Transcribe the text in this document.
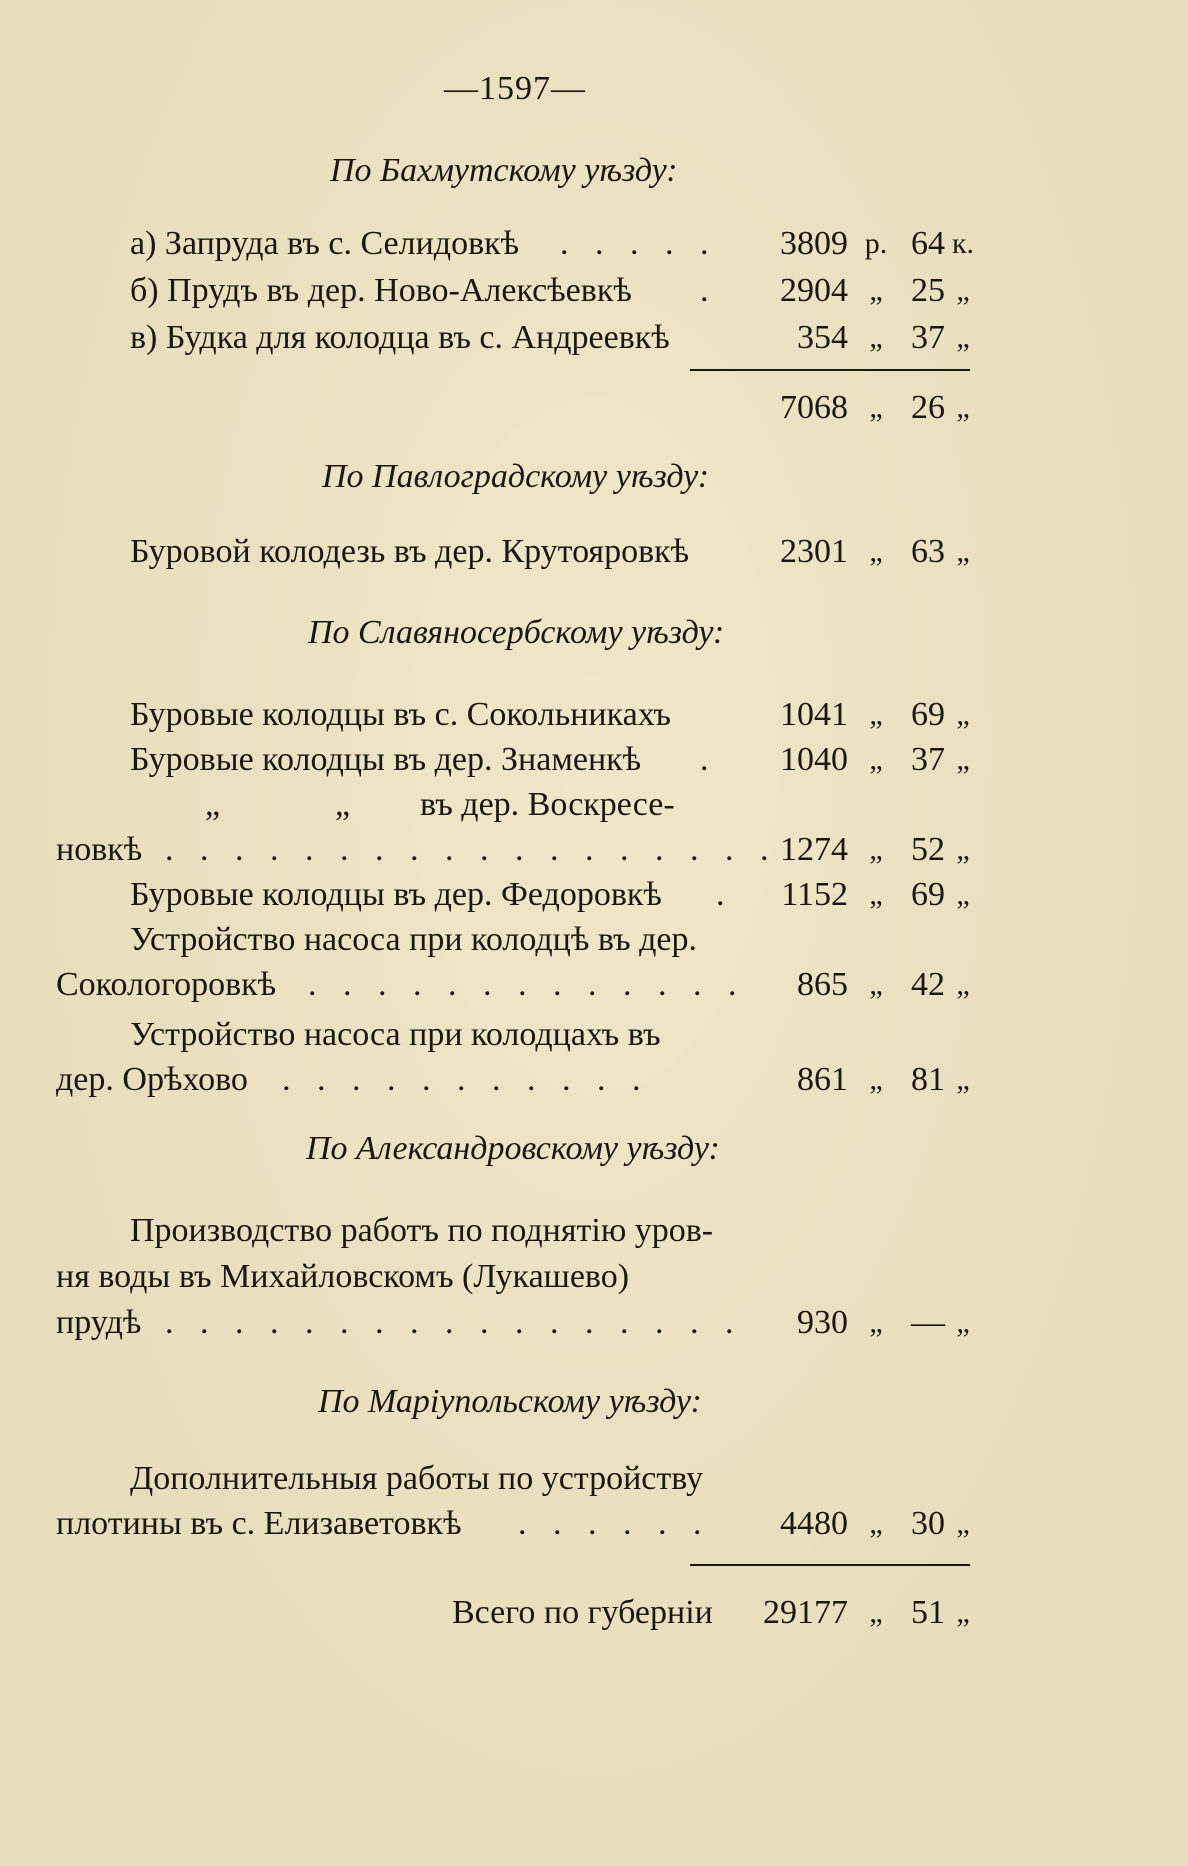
—1597—
По Бахмутскому уѣзду:
а) Запруда въ с. Селидовкѣ . . . . .	3809 р. 64 к.
б) Прудъ въ дер. Ново-Алексѣевкѣ .	2904 „ 25 „
в) Будка для колодца въ с. Андреевкѣ	354 „ 37 „
7068 „ 26 „
По Павлоградскому уѣзду:
Буровой колодезь въ дер. Крутояровкѣ	2301 „ 63 „
По Славяносербскому уѣзду:
Буровые колодцы въ с. Сокольникахъ	1041 „ 69 „
Буровые колодцы въ дер. Знаменкѣ .	1040 „ 37 „
„	„ въ дер. Воскресе-
новкѣ . . . . . . . . . . . . . . . . . . 1274 „ 52 „
Буровые колодцы въ дер. Федоровкѣ .	1152 „ 69 „
Устройство насоса при колодцѣ въ дер.
Сокологоровкѣ . . . . . . . . . . . . .	865 „ 42 „
Устройство насоса при колодцахъ въ
дер. Орѣхово . . . . . . . . . . .	861 „ 81 „
По Александровскому уѣзду:
Производство работъ по поднятію уров-
ня воды въ Михайловскомъ (Лукашево)
прудѣ . . . . . . . . . . . . . . . . .	930 „ — „
По Маріупольскому уѣзду:
Дополнительныя работы по устройству
плотины въ с. Елизаветовкѣ . . . . . .	4480 „ 30 „
Всего по губерніи	29177 „ 51 „
